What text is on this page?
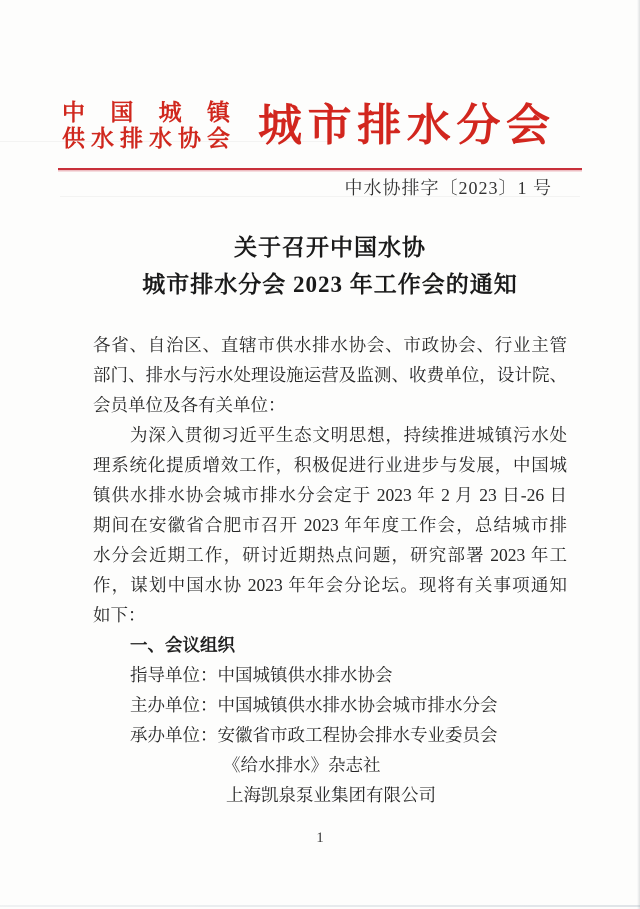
中国城镇
供水排水协会 城市排水分会
中水协排字〔2023〕1 号
关于召开中国水协
城市排水分会 2023 年工作会的通知
各省、自治区、直辖市供水排水协会、市政协会、行业主管
部门、排水与污水处理设施运营及监测、收费单位，设计院、
会员单位及各有关单位：
为深入贯彻习近平生态文明思想，持续推进城镇污水处
理系统化提质增效工作，积极促进行业进步与发展，中国城
镇供水排水协会城市排水分会定于 2023 年 2 月 23 日-26 日
期间在安徽省合肥市召开 2023 年年度工作会，总结城市排
水分会近期工作，研讨近期热点问题，研究部署 2023 年工
作，谋划中国水协 2023 年年会分论坛。现将有关事项通知
如下：
一、会议组织
指导单位：中国城镇供水排水协会
主办单位：中国城镇供水排水协会城市排水分会
承办单位：安徽省市政工程协会排水专业委员会
《给水排水》杂志社
上海凯泉泵业集团有限公司
1
